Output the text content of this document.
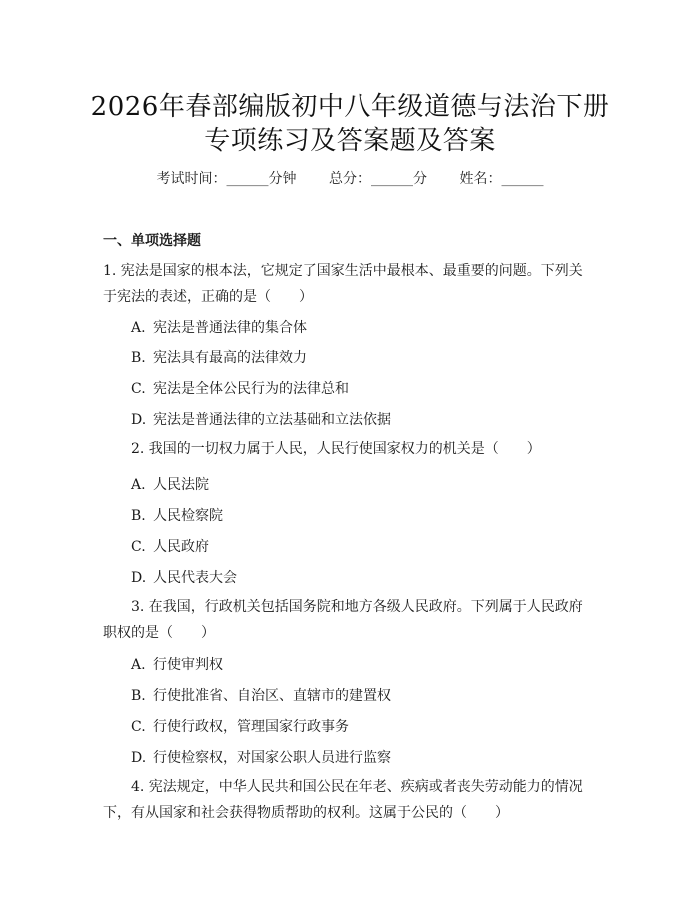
2026年春部编版初中八年级道德与法治下册
专项练习及答案题及答案
考试时间：______分钟 总分：______分 姓名：______
一、单项选择题
1. 宪法是国家的根本法，它规定了国家生活中最根本、最重要的问题。下列关于宪法的表述，正确的是（　　）
A. 宪法是普通法律的集合体
B. 宪法具有最高的法律效力
C. 宪法是全体公民行为的法律总和
D. 宪法是普通法律的立法基础和立法依据
2. 我国的一切权力属于人民，人民行使国家权力的机关是（　　）
A. 人民法院
B. 人民检察院
C. 人民政府
D. 人民代表大会
3. 在我国，行政机关包括国务院和地方各级人民政府。下列属于人民政府职权的是（　　）
A. 行使审判权
B. 行使批准省、自治区、直辖市的建置权
C. 行使行政权，管理国家行政事务
D. 行使检察权，对国家公职人员进行监察
4. 宪法规定，中华人民共和国公民在年老、疾病或者丧失劳动能力的情况下，有从国家和社会获得物质帮助的权利。这属于公民的（　　）
